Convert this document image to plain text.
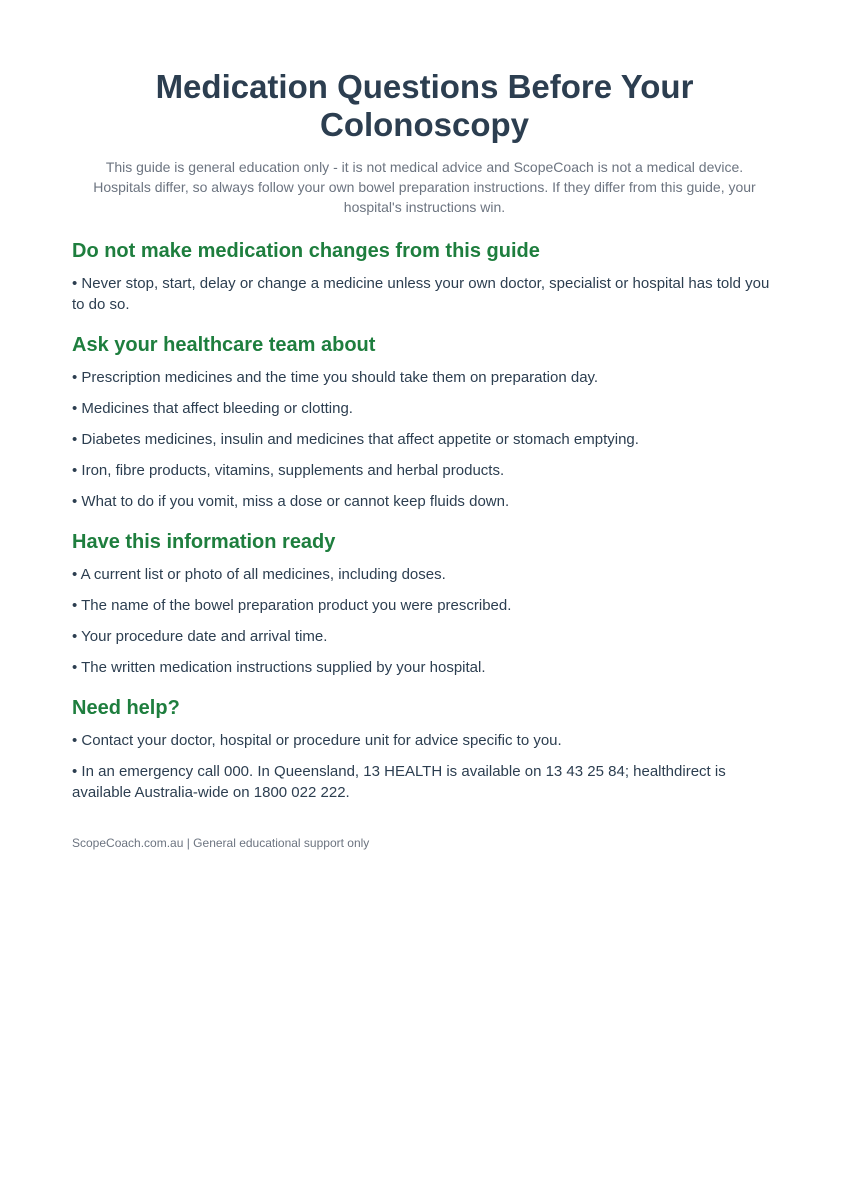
Medication Questions Before Your Colonoscopy

This guide is general education only - it is not medical advice and ScopeCoach is not a medical device. Hospitals differ, so always follow your own bowel preparation instructions. If they differ from this guide, your hospital's instructions win.

Do not make medication changes from this guide

• Never stop, start, delay or change a medicine unless your own doctor, specialist or hospital has told you to do so.

Ask your healthcare team about

• Prescription medicines and the time you should take them on preparation day.

• Medicines that affect bleeding or clotting.

• Diabetes medicines, insulin and medicines that affect appetite or stomach emptying.

• Iron, fibre products, vitamins, supplements and herbal products.

• What to do if you vomit, miss a dose or cannot keep fluids down.

Have this information ready

• A current list or photo of all medicines, including doses.

• The name of the bowel preparation product you were prescribed.

• Your procedure date and arrival time.

• The written medication instructions supplied by your hospital.

Need help?

• Contact your doctor, hospital or procedure unit for advice specific to you.

• In an emergency call 000. In Queensland, 13 HEALTH is available on 13 43 25 84; healthdirect is available Australia-wide on 1800 022 222.

ScopeCoach.com.au | General educational support only
